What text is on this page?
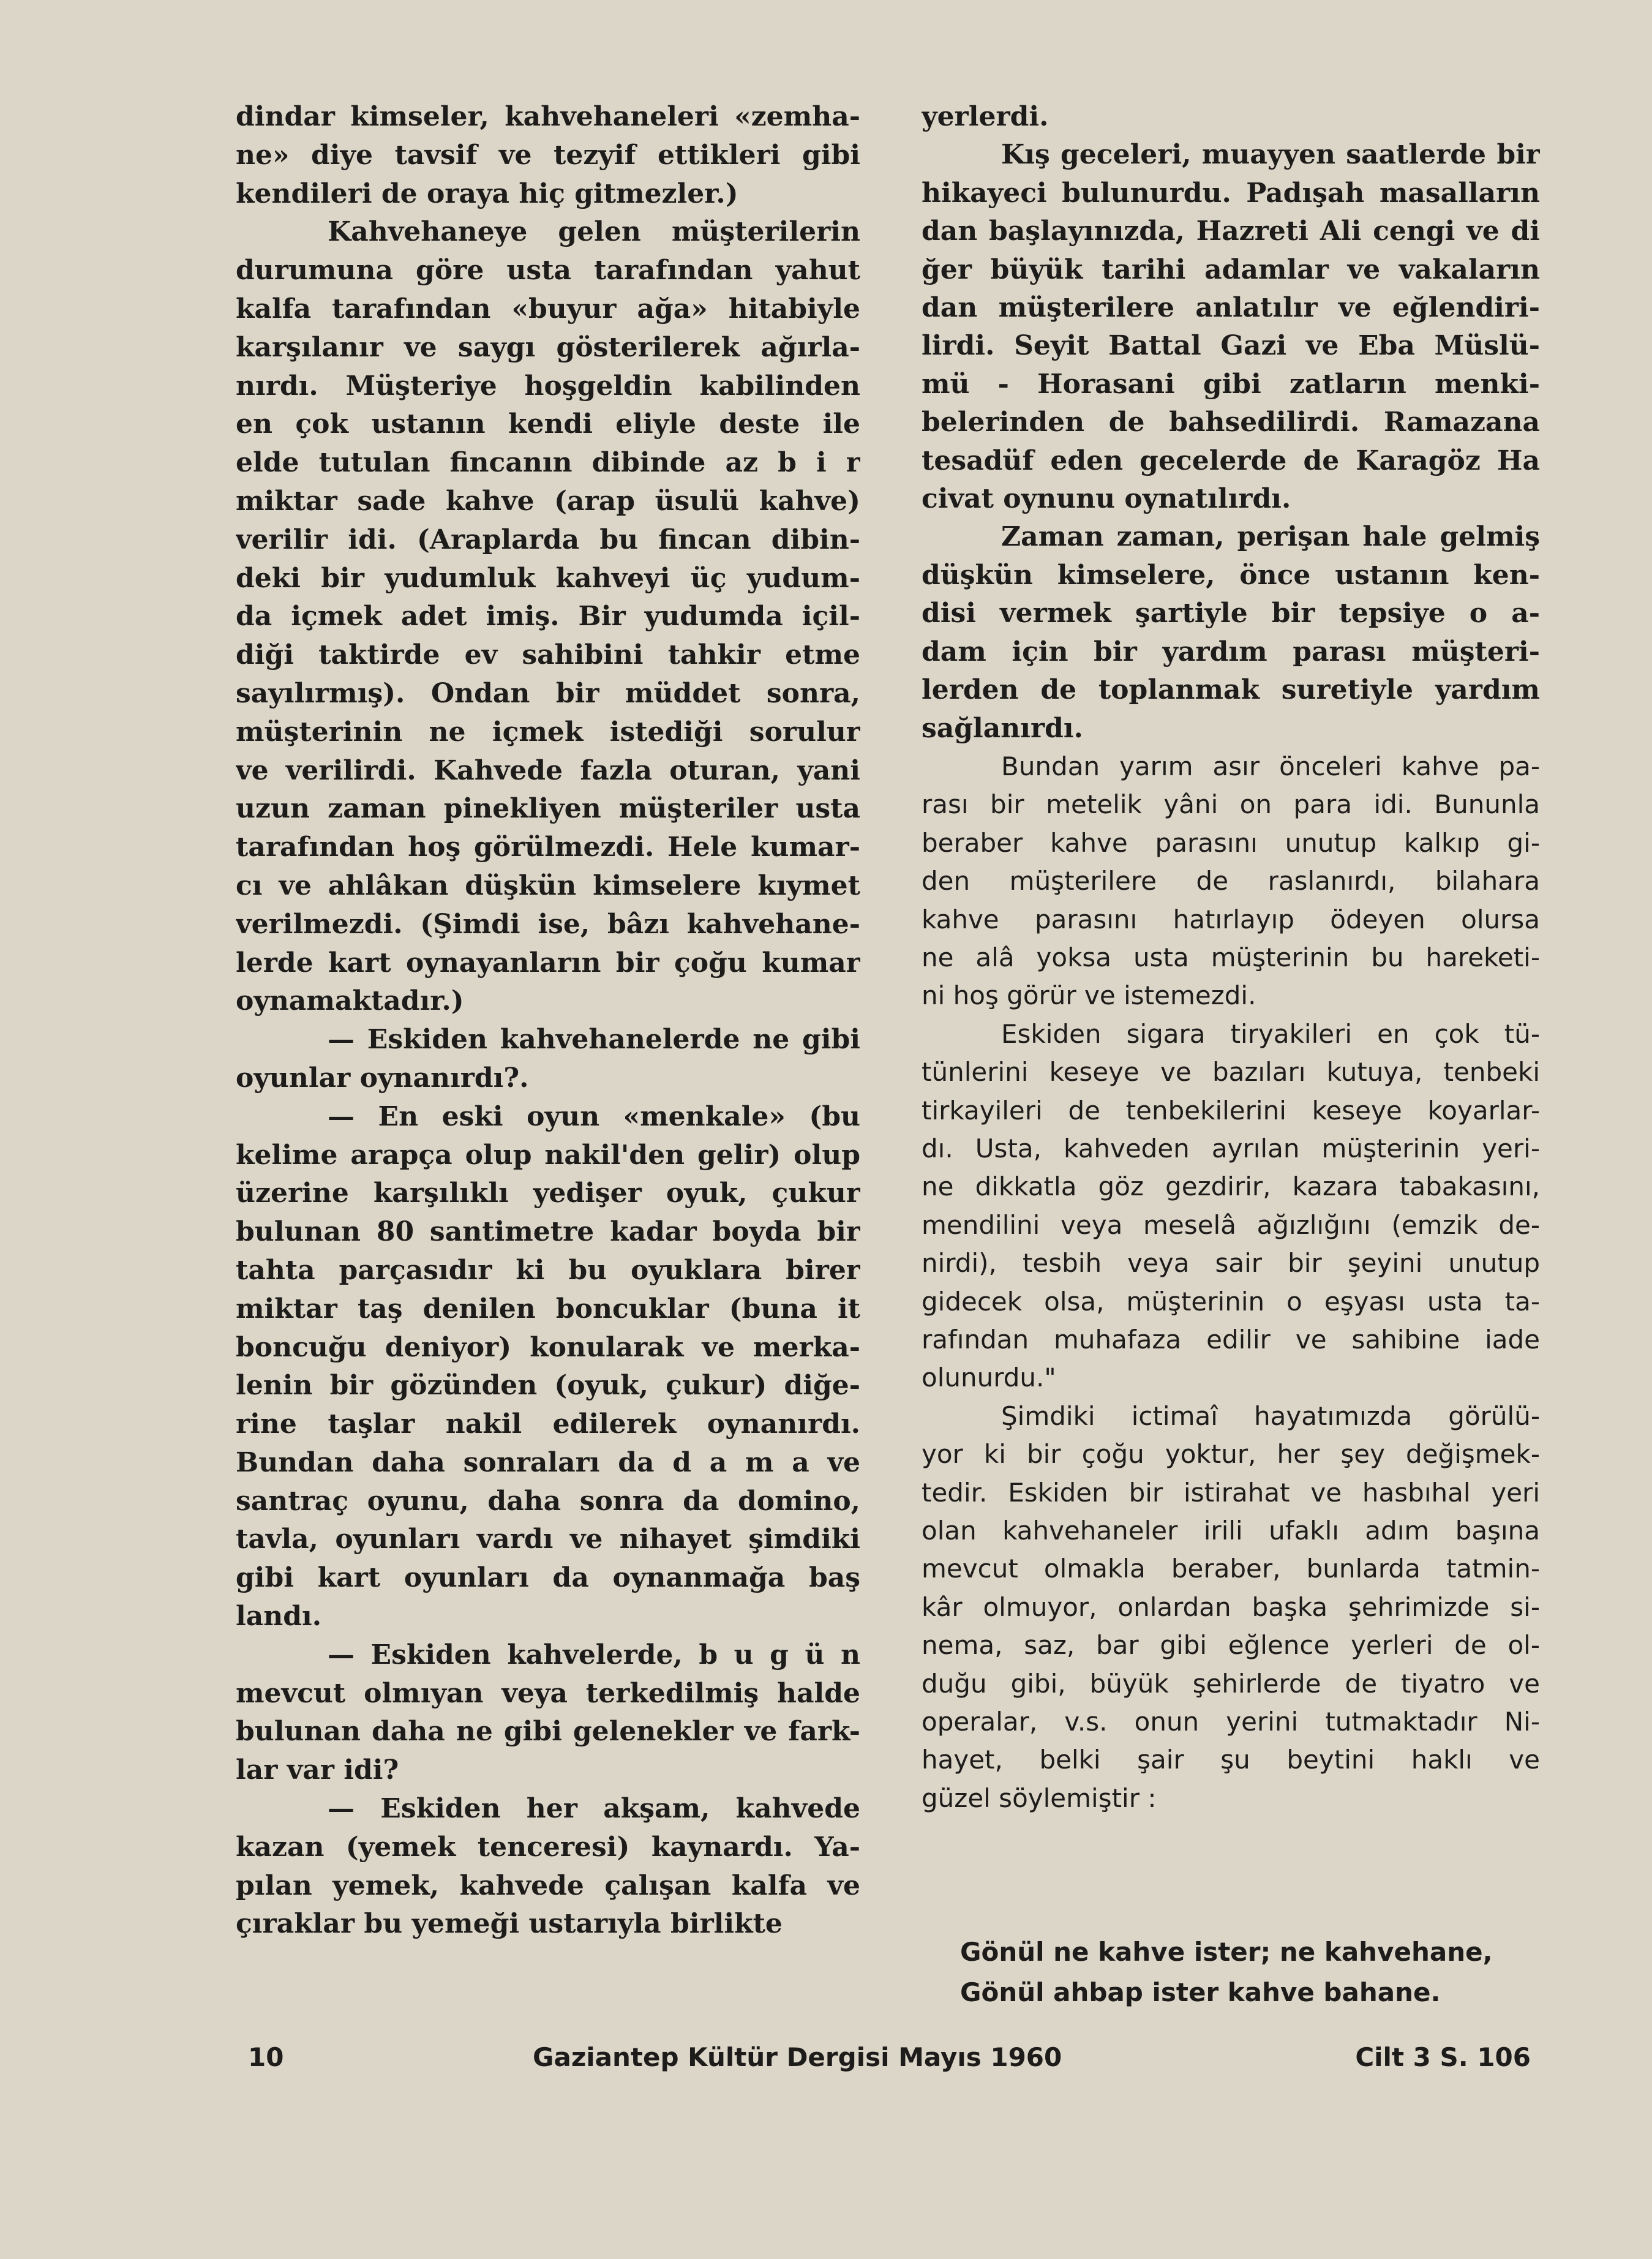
dindar kimseler, kahvehaneleri «zemha-
ne» diye tavsif ve tezyif ettikleri gibi
kendileri de oraya hiç gitmezler.)

Kahvehaneye gelen müşterilerin
durumuna göre usta tarafından yahut
kalfa tarafından «buyur ağa» hitabiyle
karşılanır ve saygı gösterilerek ağırla-
nırdı. Müşteriye hoşgeldin kabilinden
en çok ustanın kendi eliyle deste ile
elde tutulan fincanın dibinde az b i r
miktar sade kahve (arap üsulü kahve)
verilir idi. (Araplarda bu fincan dibin-
deki bir yudumluk kahveyi üç yudum-
da içmek adet imiş. Bir yudumda içil-
diği taktirde ev sahibini tahkir etme
sayılırmış). Ondan bir müddet sonra,
müşterinin ne içmek istediği sorulur
ve verilirdi. Kahvede fazla oturan, yani
uzun zaman pinekliyen müşteriler usta
tarafından hoş görülmezdi. Hele kumar-
cı ve ahlâkan düşkün kimselere kıymet
verilmezdi. (Şimdi ise, bâzı kahvehane-
lerde kart oynayanların bir çoğu kumar
oynamaktadır.)

— Eskiden kahvehanelerde ne gibi
oyunlar oynanırdı?.

— En eski oyun «menkale» (bu
kelime arapça olup nakil'den gelir) olup
üzerine karşılıklı yedişer oyuk, çukur
bulunan 80 santimetre kadar boyda bir
tahta parçasıdır ki bu oyuklara birer
miktar taş denilen boncuklar (buna it
boncuğu deniyor) konularak ve merka-
lenin bir gözünden (oyuk, çukur) diğe-
rine taşlar nakil edilerek oynanırdı.
Bundan daha sonraları da d a m a ve
santraç oyunu, daha sonra da domino,
tavla, oyunları vardı ve nihayet şimdiki
gibi kart oyunları da oynanmağa baş
landı.

— Eskiden kahvelerde, b u g ü n
mevcut olmıyan veya terkedilmiş halde
bulunan daha ne gibi gelenekler ve fark-
lar var idi?

— Eskiden her akşam, kahvede
kazan (yemek tenceresi) kaynardı. Ya-
pılan yemek, kahvede çalışan kalfa ve
çıraklar bu yemeği ustarıyla birlikte

yerlerdi.

Kış geceleri, muayyen saatlerde bir
hikayeci bulunurdu. Padışah masalların
dan başlayınızda, Hazreti Ali cengi ve di
ğer büyük tarihi adamlar ve vakaların
dan müşterilere anlatılır ve eğlendiri-
lirdi. Seyit Battal Gazi ve Eba Müslü-
mü - Horasani gibi zatların menki-
belerinden de bahsedilirdi. Ramazana
tesadüf eden gecelerde de Karagöz Ha
civat oynunu oynatılırdı.

Zaman zaman, perişan hale gelmiş
düşkün kimselere, önce ustanın ken-
disi vermek şartiyle bir tepsiye o a-
dam için bir yardım parası müşteri-
lerden de toplanmak suretiyle yardım
sağlanırdı.

Bundan yarım asır önceleri kahve pa-
rası bir metelik yâni on para idi. Bununla
beraber kahve parasını unutup kalkıp gi-
den müşterilere de raslanırdı, bilahara
kahve parasını hatırlayıp ödeyen olursa
ne alâ yoksa usta müşterinin bu hareketi-
ni hoş görür ve istemezdi.

Eskiden sigara tiryakileri en çok tü-
tünlerini keseye ve bazıları kutuya, tenbeki
tirkayileri de tenbekilerini keseye koyarlar-
dı. Usta, kahveden ayrılan müşterinin yeri-
ne dikkatla göz gezdirir, kazara tabakasını,
mendilini veya meselâ ağızlığını (emzik de-
nirdi), tesbih veya sair bir şeyini unutup
gidecek olsa, müşterinin o eşyası usta ta-
rafından muhafaza edilir ve sahibine iade
olunurdu."

Şimdiki ictimaî hayatımızda görülü-
yor ki bir çoğu yoktur, her şey değişmek-
tedir. Eskiden bir istirahat ve hasbıhal yeri
olan kahvehaneler irili ufaklı adım başına
mevcut olmakla beraber, bunlarda tatmin-
kâr olmuyor, onlardan başka şehrimizde si-
nema, saz, bar gibi eğlence yerleri de ol-
duğu gibi, büyük şehirlerde de tiyatro ve
operalar, v.s. onun yerini tutmaktadır Ni-
hayet, belki şair şu beytini haklı ve
güzel söylemiştir :

Gönül ne kahve ister; ne kahvehane,
Gönül ahbap ister kahve bahane.
10	Gaziantep Kültür Dergisi Mayıs 1960	Cilt 3 S. 106
